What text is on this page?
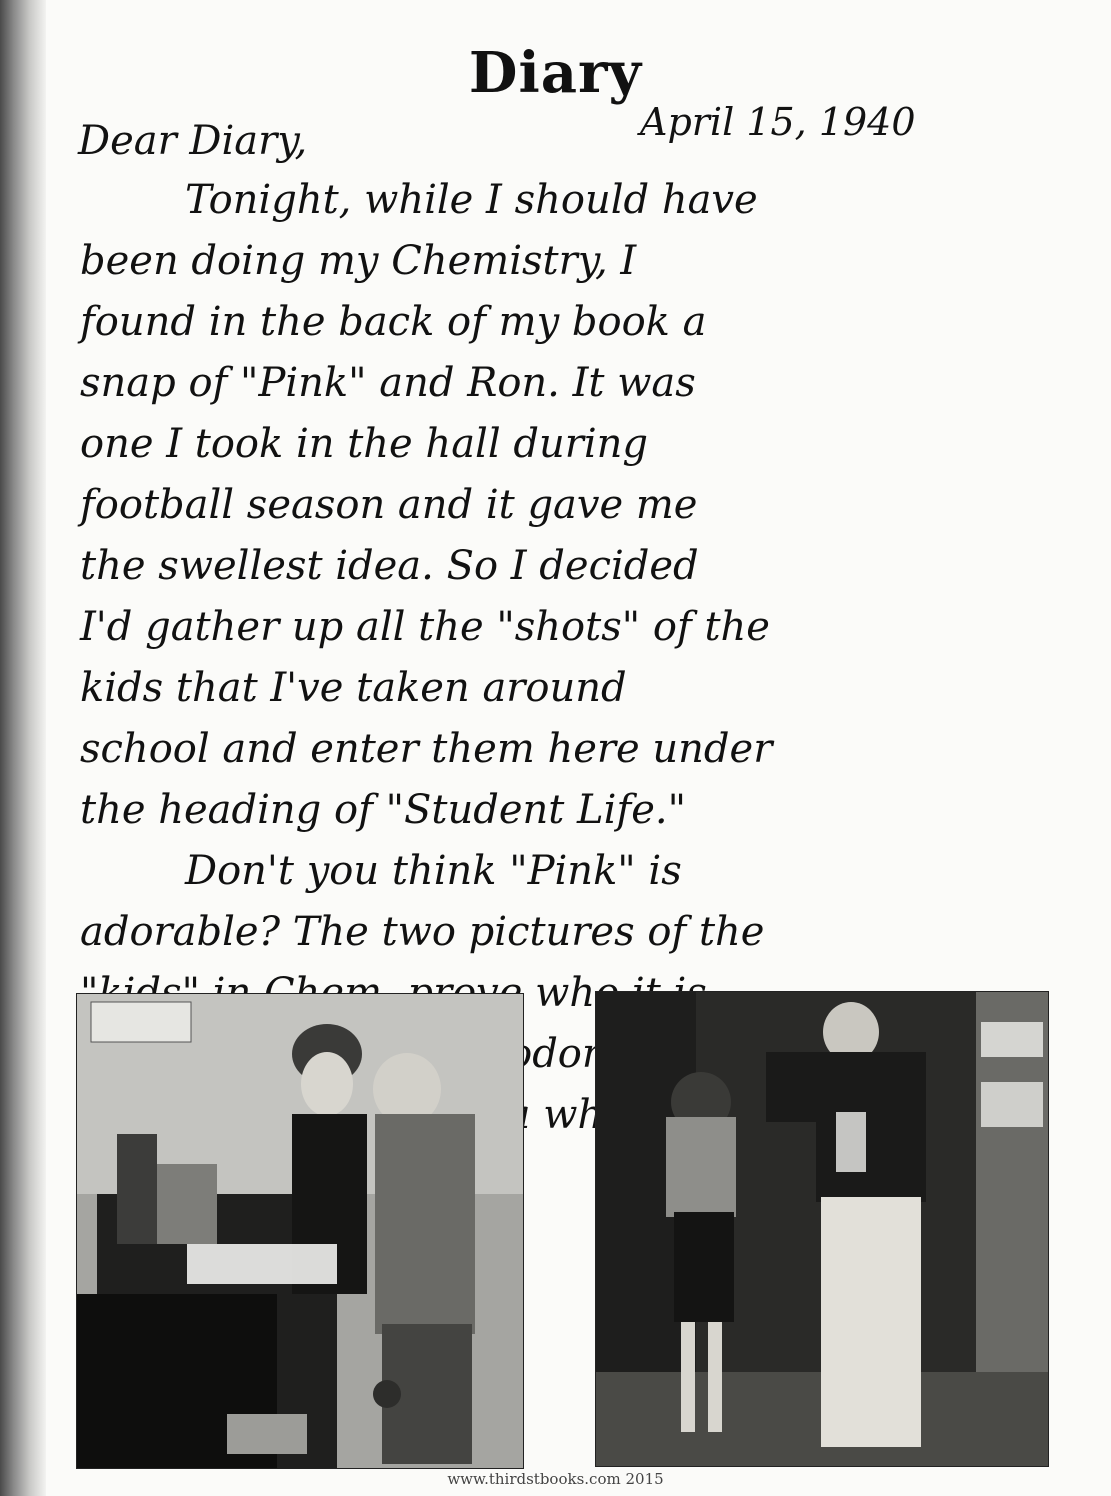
Diary
Dear Diary,	April 15, 1940
Tonight, while I should have
been doing my Chemistry, I
found in the back of my book a
snap of "Pink" and Ron. It was
one I took in the hall during
football season and it gave me
the swellest idea. So I decided
I'd gather up all the "shots" of the
kids that I've taken around
school and enter them here under
the heading of "Student Life."
Don't you think "Pink" is
adorable? The two pictures of the
who
odors
www.thirdstbooks.com 2015
